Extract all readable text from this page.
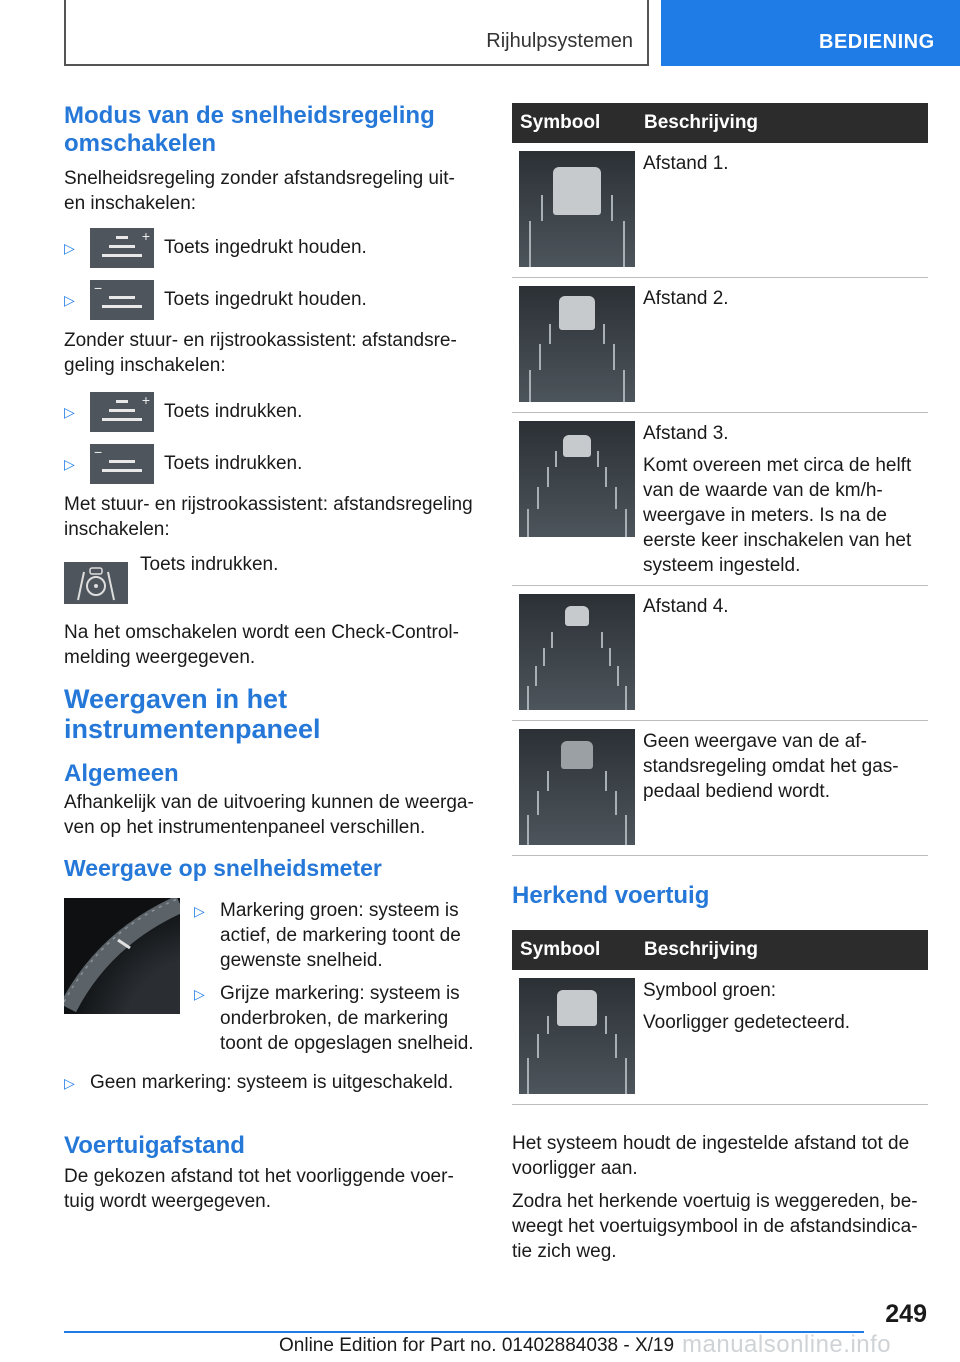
Rijhulpsystemen	BEDIENING
Modus van de snelheidsregeling omschakelen

Snelheidsregeling zonder afstandsregeling uit- en inschakelen:

▷
+
Toets ingedrukt houden.
▷
−
Toets ingedrukt houden.

Zonder stuur- en rijstrookassistent: afstandsregeling inschakelen:

▷
+
Toets indrukken.
▷
−
Toets indrukken.

Met stuur- en rijstrookassistent: afstandsregeling inschakelen:

Toets indrukken.

Na het omschakelen wordt een Check-Control-melding weergegeven.

Weergaven in het instrumentenpaneel
Algemeen

Afhankelijk van de uitvoering kunnen de weergaven op het instrumentenpaneel verschillen.

Weergave op snelheidsmeter
▷ Markering groen: systeem is actief, de markering toont de gewenste snelheid.
▷ Grijze markering: systeem is onderbroken, de markering toont de opgeslagen snelheid.
▷ Geen markering: systeem is uitgeschakeld.
Voertuigafstand

De gekozen afstand tot het voorliggende voertuig wordt weergegeven.

Symbool	Beschrijving
Afstand 1.
Afstand 2.
Afstand 3.
Komt overeen met circa de helft van de waarde van de km/h-weergave in meters. Is na de eerste keer inschakelen van het systeem ingesteld.
Afstand 4.
Geen weergave van de afstandsregeling omdat het gaspedaal bediend wordt.
Herkend voertuig
Symbool	Beschrijving
Symbool groen:
Voorligger gedetecteerd.

Het systeem houdt de ingestelde afstand tot de voorligger aan.

Zodra het herkende voertuig is weggereden, beweegt het voertuigsymbool in de afstandsindicatie zich weg.

249
Online Edition for Part no. 01402884038 - X/19 manualsonline.info
